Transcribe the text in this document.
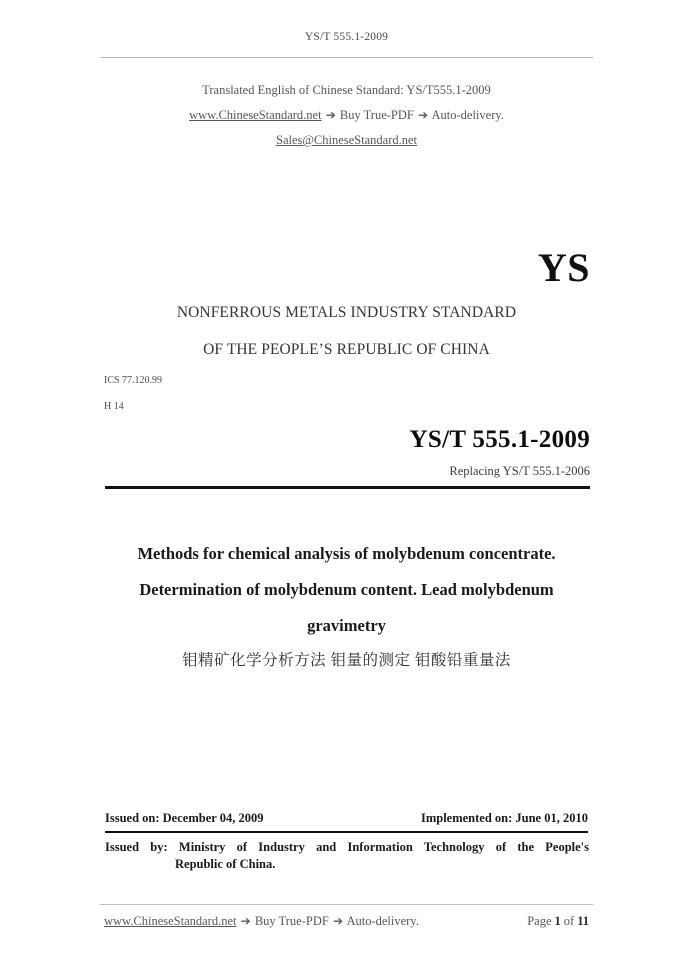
YS/T 555.1-2009
Translated English of Chinese Standard: YS/T555.1-2009
www.ChineseStandard.net ➔ Buy True-PDF ➔ Auto-delivery.
Sales@ChineseStandard.net
YS
NONFERROUS METALS INDUSTRY STANDARD
OF THE PEOPLE’S REPUBLIC OF CHINA
ICS 77.120.99
H 14
YS/T 555.1-2009
Replacing YS/T 555.1-2006
Methods for chemical analysis of molybdenum concentrate.
Determination of molybdenum content. Lead molybdenum
gravimetry
钼精矿化学分析方法 钼量的测定 钼酸铅重量法
Issued on: December 04, 2009	Implemented on: June 01, 2010
Issued by: Ministry of Industry and Information Technology of the People's
Republic of China.
www.ChineseStandard.net ➔ Buy True-PDF ➔ Auto-delivery.	Page 1 of 11
